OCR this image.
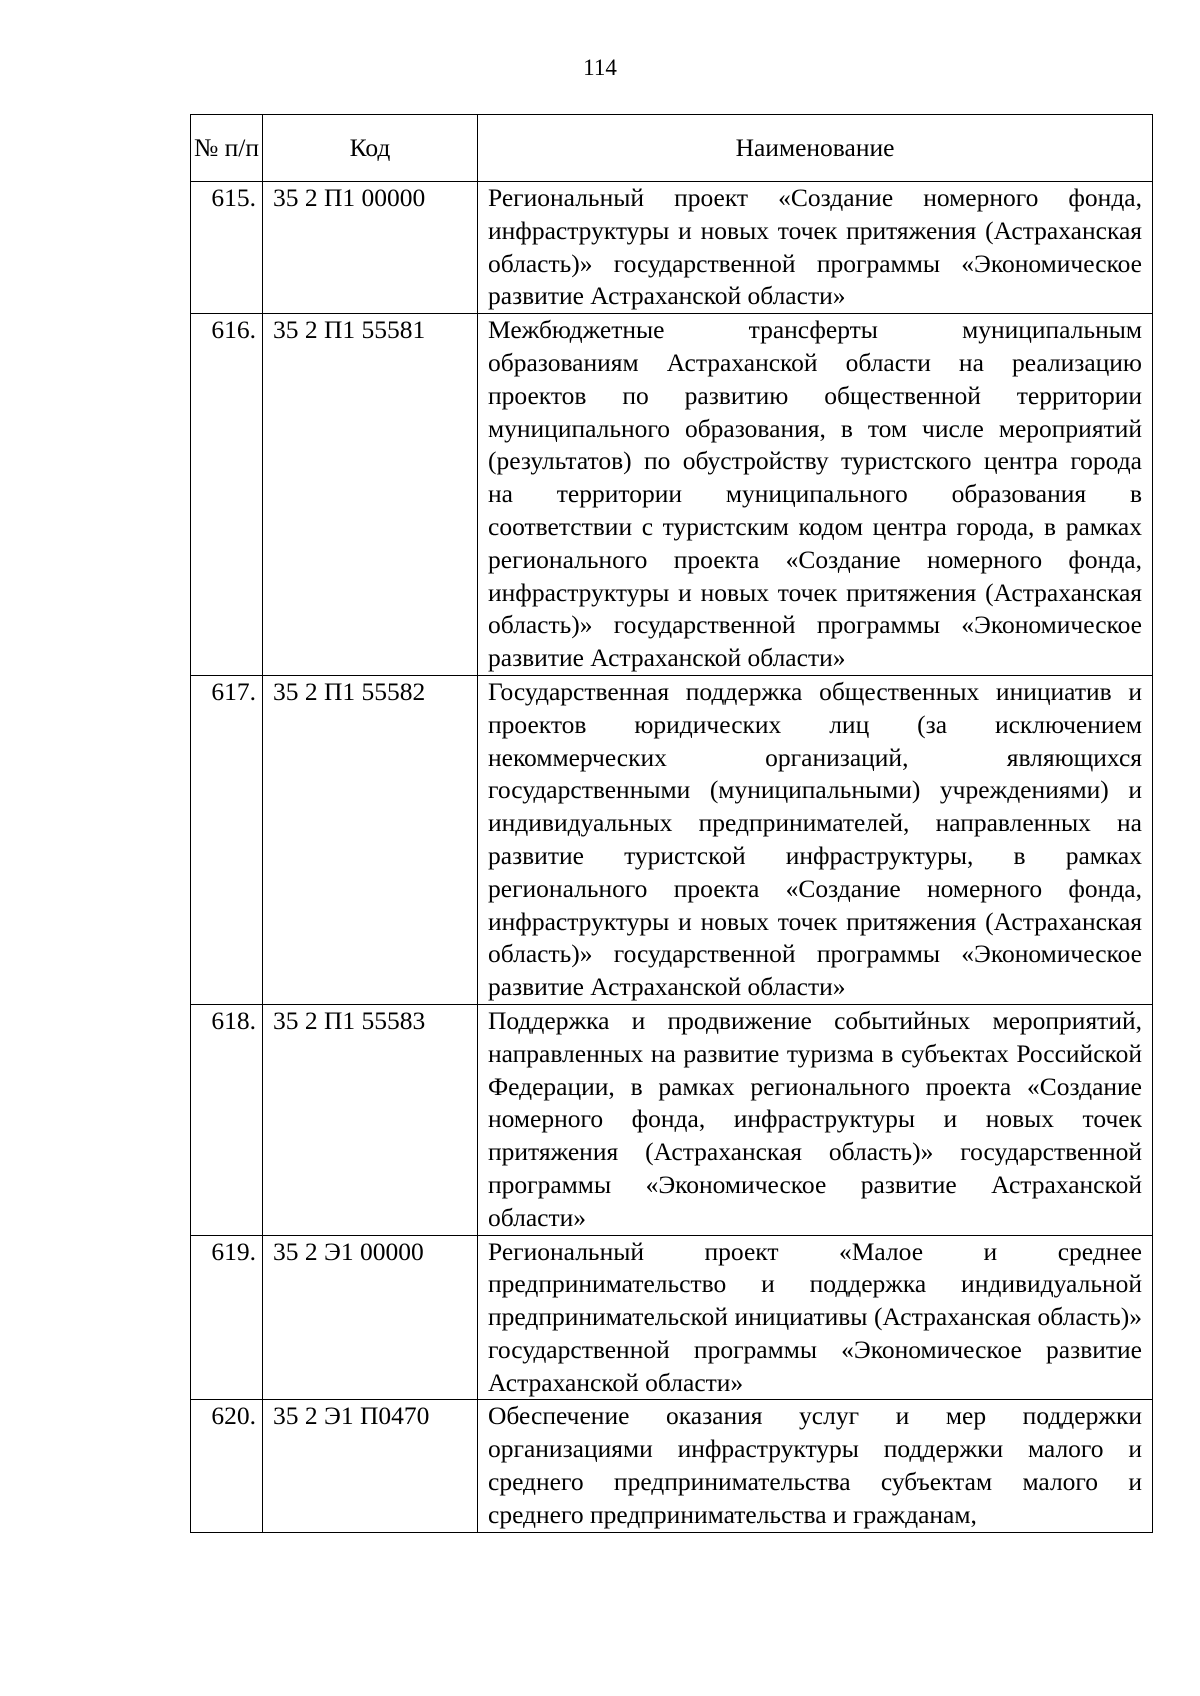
114
№ п/п	Код	Наименование
615.	35 2 П1 00000	Региональный проект «Создание номерного фонда, инфраструктуры и новых точек притяжения (Астраханская область)» государственной программы «Экономическое развитие Астраханской области»
616.	35 2 П1 55581	Межбюджетные трансферты муниципальным образованиям Астраханской области на реализацию проектов по развитию общественной территории муниципального образования, в том числе мероприятий (результатов) по обустройству туристского центра города на территории муниципального образования в соответствии с туристским кодом центра города, в рамках регионального проекта «Создание номерного фонда, инфраструктуры и новых точек притяжения (Астраханская область)» государственной программы «Экономическое развитие Астраханской области»
617.	35 2 П1 55582	Государственная поддержка общественных инициатив и проектов юридических лиц (за исключением некоммерческих организаций, являющихся государственными (муниципальными) учреждениями) и индивидуальных предпринимателей, направленных на развитие туристской инфраструктуры, в рамках регионального проекта «Создание номерного фонда, инфраструктуры и новых точек притяжения (Астраханская область)» государственной программы «Экономическое развитие Астраханской области»
618.	35 2 П1 55583	Поддержка и продвижение событийных мероприятий, направленных на развитие туризма в субъектах Российской Федерации, в рамках регионального проекта «Создание номерного фонда, инфраструктуры и новых точек притяжения (Астраханская область)» государственной программы «Экономическое развитие Астраханской области»
619.	35 2 Э1 00000	Региональный проект «Малое и среднее предпринимательство и поддержка индивидуальной предпринимательской инициативы (Астраханская область)» государственной программы «Экономическое развитие Астраханской области»
620.	35 2 Э1 П0470	Обеспечение оказания услуг и мер поддержки организациями инфраструктуры поддержки малого и среднего предпринимательства субъектам малого и среднего предпринимательства и гражданам,
